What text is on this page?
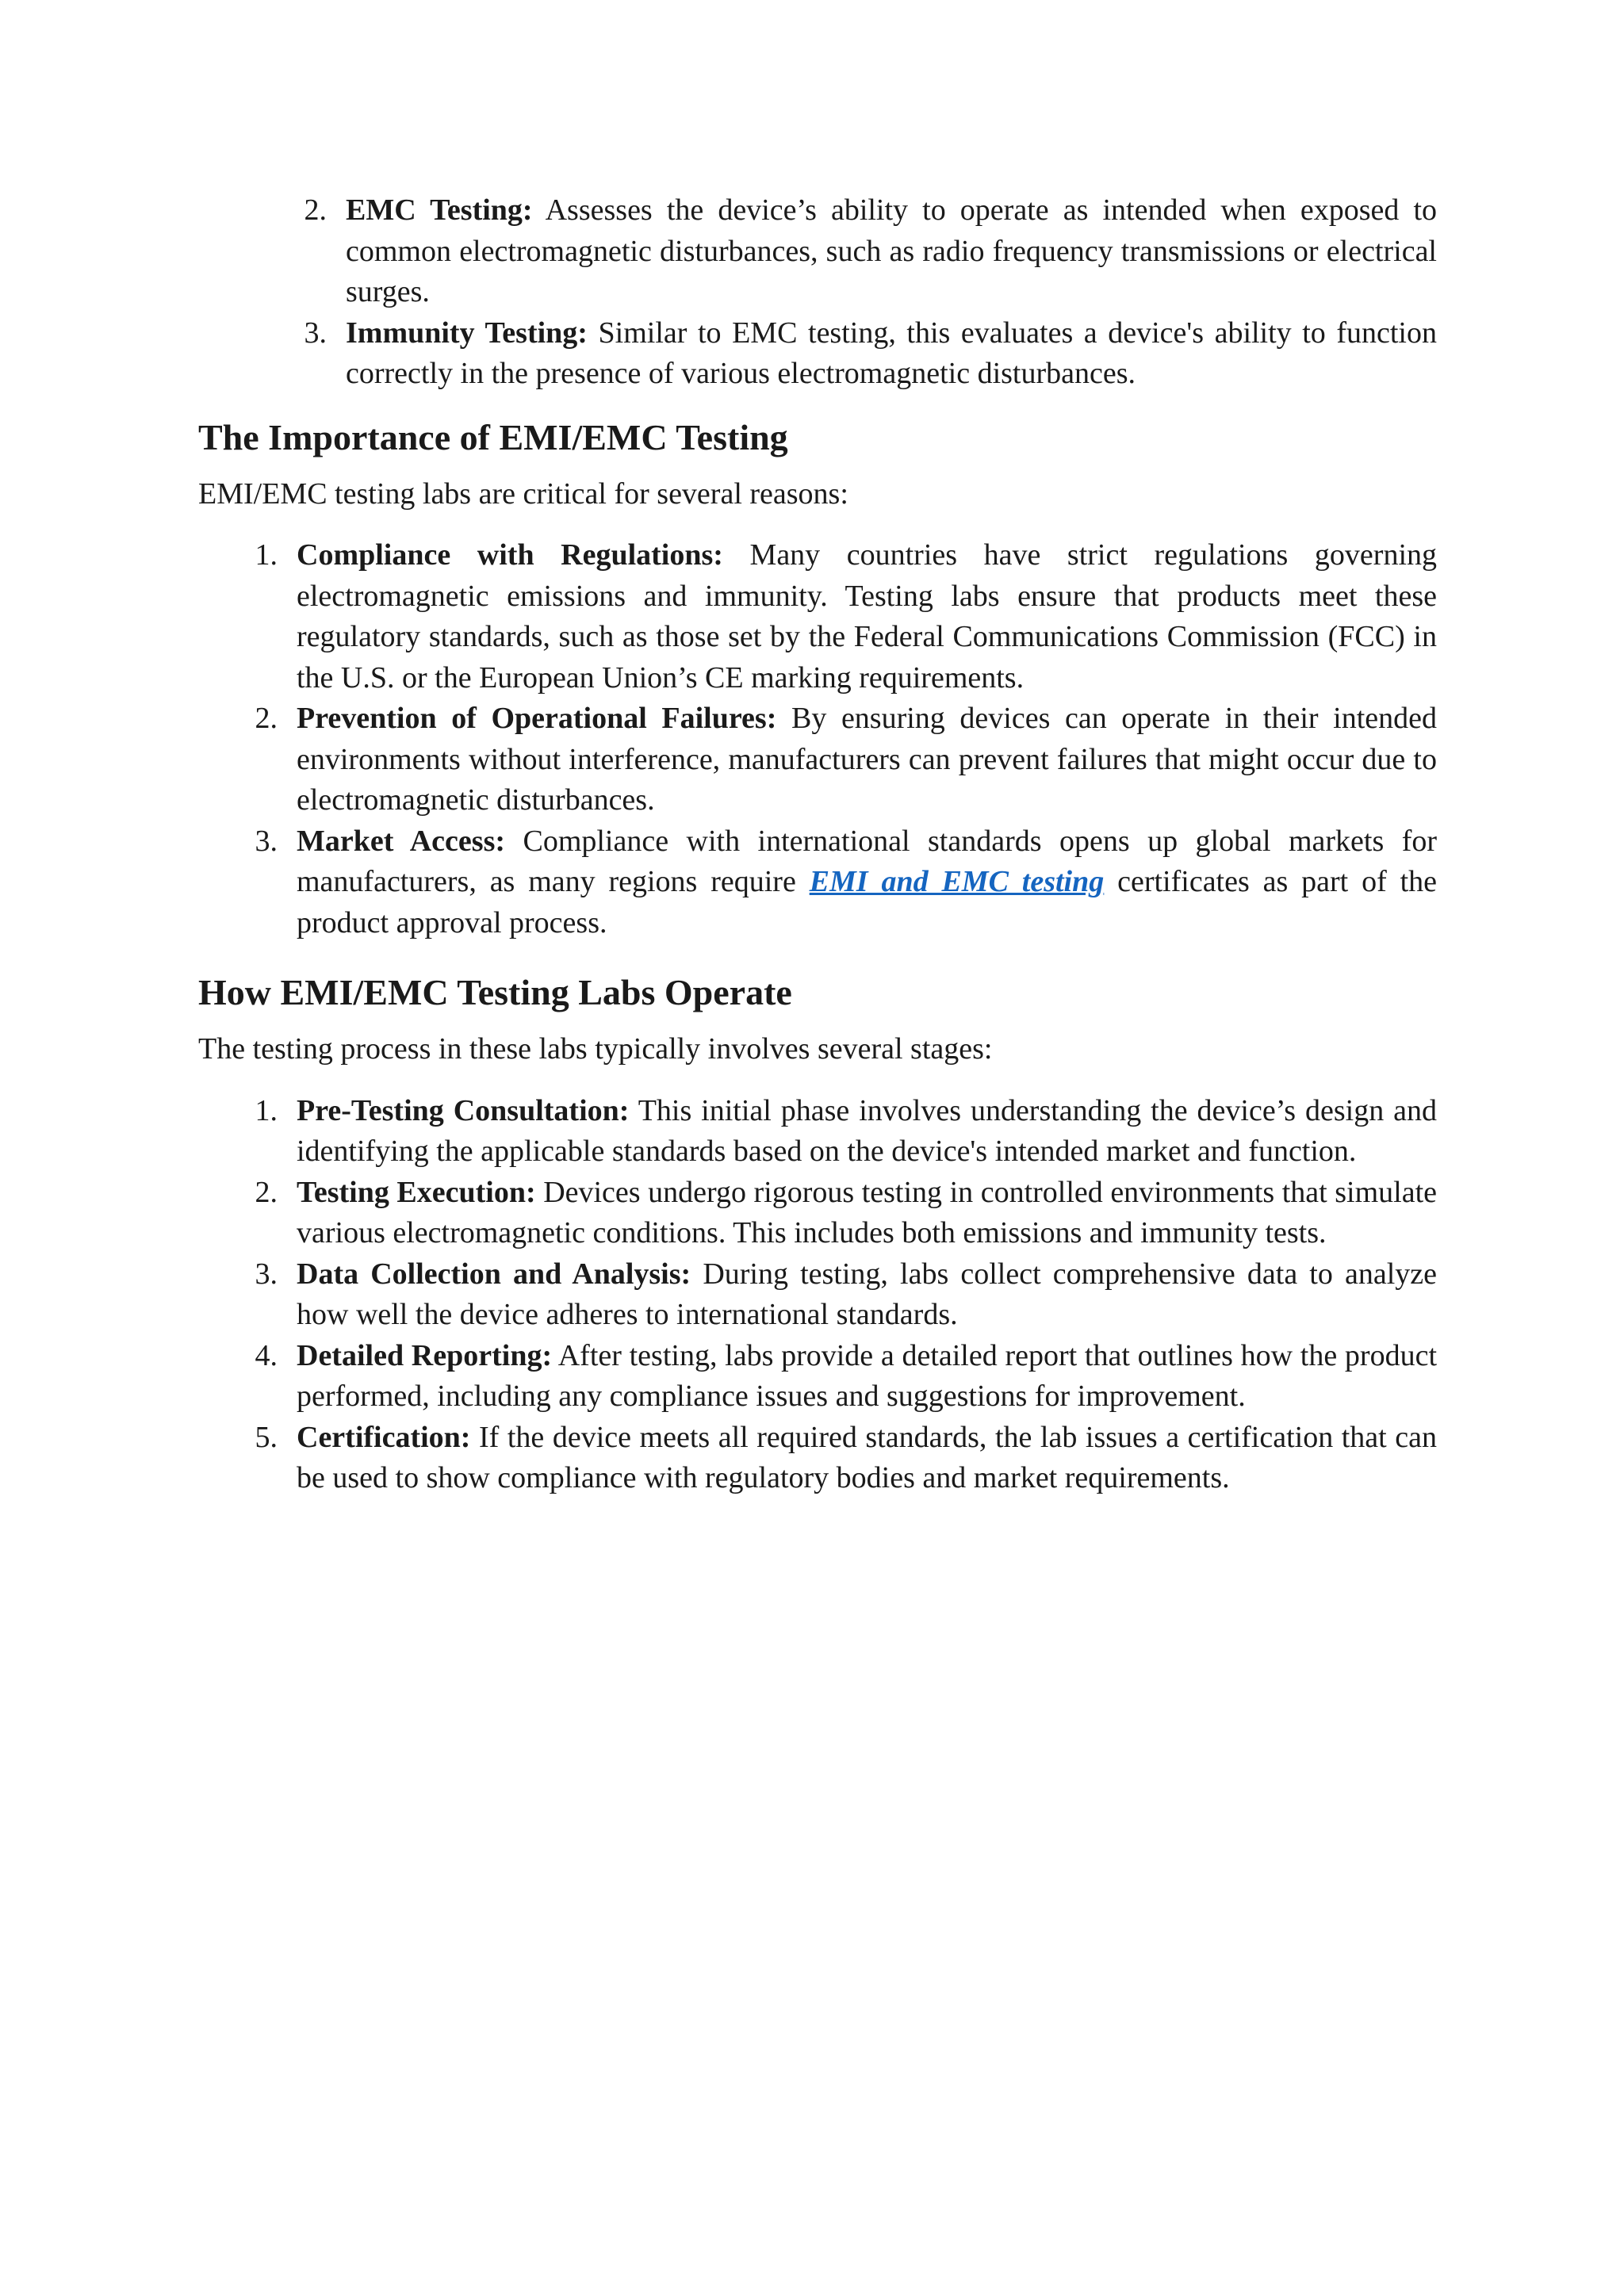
2. EMC Testing: Assesses the device’s ability to operate as intended when exposed to common electromagnetic disturbances, such as radio frequency transmissions or electrical surges.
3. Immunity Testing: Similar to EMC testing, this evaluates a device's ability to function correctly in the presence of various electromagnetic disturbances.
The Importance of EMI/EMC Testing

EMI/EMC testing labs are critical for several reasons:

1. Compliance with Regulations: Many countries have strict regulations governing electromagnetic emissions and immunity. Testing labs ensure that products meet these regulatory standards, such as those set by the Federal Communications Commission (FCC) in the U.S. or the European Union’s CE marking requirements.
2. Prevention of Operational Failures: By ensuring devices can operate in their intended environments without interference, manufacturers can prevent failures that might occur due to electromagnetic disturbances.
3. Market Access: Compliance with international standards opens up global markets for manufacturers, as many regions require EMI and EMC testing certificates as part of the product approval process.
How EMI/EMC Testing Labs Operate

The testing process in these labs typically involves several stages:

1. Pre-Testing Consultation: This initial phase involves understanding the device’s design and identifying the applicable standards based on the device's intended market and function.
2. Testing Execution: Devices undergo rigorous testing in controlled environments that simulate various electromagnetic conditions. This includes both emissions and immunity tests.
3. Data Collection and Analysis: During testing, labs collect comprehensive data to analyze how well the device adheres to international standards.
4. Detailed Reporting: After testing, labs provide a detailed report that outlines how the product performed, including any compliance issues and suggestions for improvement.
5. Certification: If the device meets all required standards, the lab issues a certification that can be used to show compliance with regulatory bodies and market requirements.
